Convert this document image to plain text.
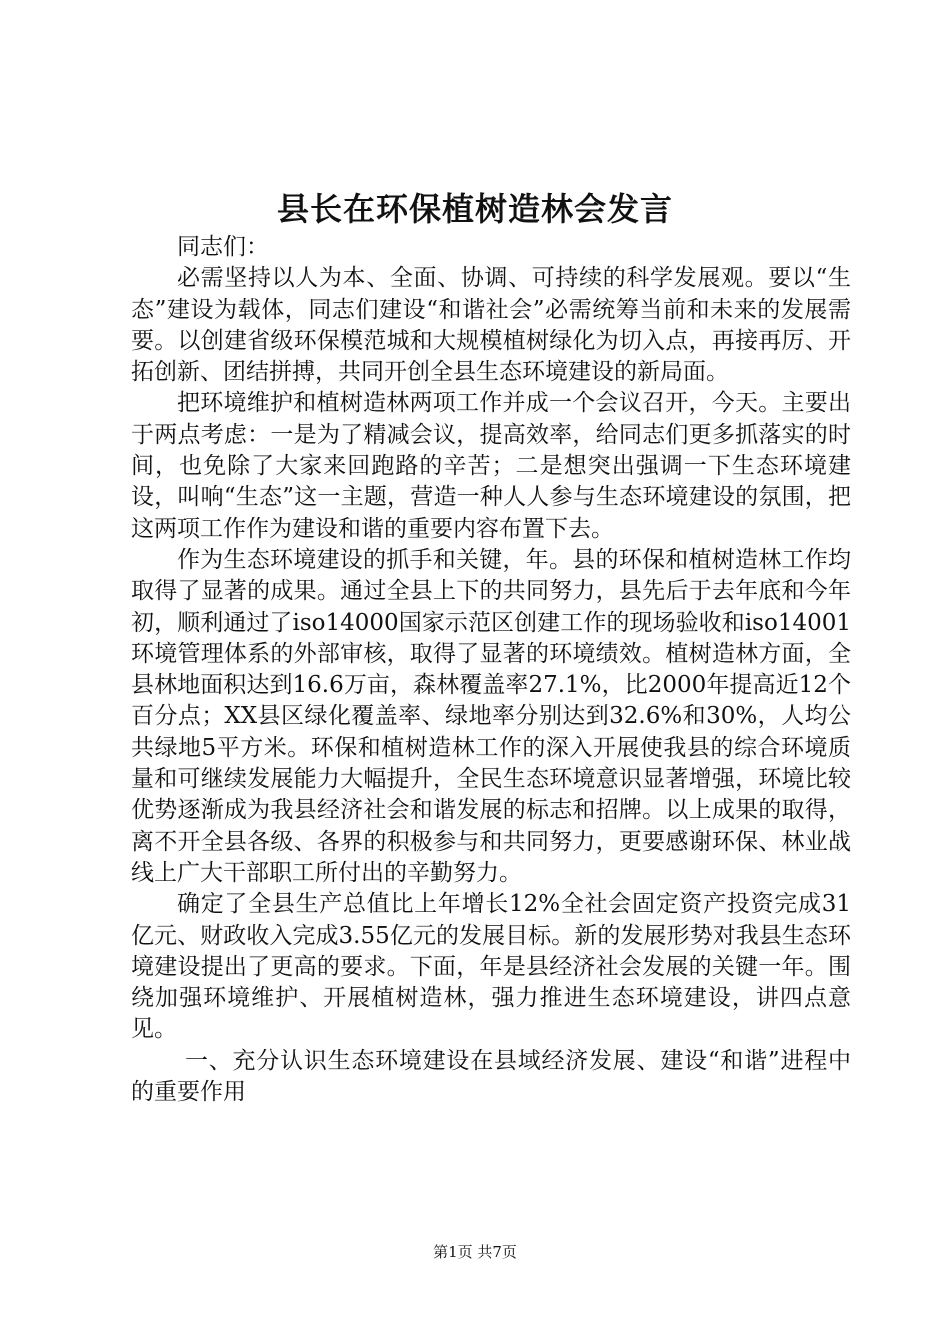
县长在环保植树造林会发言

同志们：

必需坚持以人为本、全面、协调、可持续的科学发展观。要以“生态”建设为载体，同志们建设“和谐社会”必需统筹当前和未来的发展需要。以创建省级环保模范城和大规模植树绿化为切入点，再接再厉、开拓创新、团结拼搏，共同开创全县生态环境建设的新局面。

把环境维护和植树造林两项工作并成一个会议召开，今天。主要出于两点考虑：一是为了精减会议，提高效率，给同志们更多抓落实的时间，也免除了大家来回跑路的辛苦；二是想突出强调一下生态环境建设，叫响“生态”这一主题，营造一种人人参与生态环境建设的氛围，把这两项工作作为建设和谐的重要内容布置下去。

作为生态环境建设的抓手和关键，年。县的环保和植树造林工作均取得了显著的成果。通过全县上下的共同努力，县先后于去年底和今年初，顺利通过了iso14000国家示范区创建工作的现场验收和iso14001环境管理体系的外部审核，取得了显著的环境绩效。植树造林方面，全县林地面积达到16.6万亩，森林覆盖率27.1%，比2000年提高近12个百分点；XX县区绿化覆盖率、绿地率分别达到32.6%和30%，人均公共绿地5平方米。环保和植树造林工作的深入开展使我县的综合环境质量和可继续发展能力大幅提升，全民生态环境意识显著增强，环境比较优势逐渐成为我县经济社会和谐发展的标志和招牌。以上成果的取得，离不开全县各级、各界的积极参与和共同努力，更要感谢环保、林业战线上广大干部职工所付出的辛勤努力。

确定了全县生产总值比上年增长12%全社会固定资产投资完成31亿元、财政收入完成3.55亿元的发展目标。新的发展形势对我县生态环境建设提出了更高的要求。下面，年是县经济社会发展的关键一年。围绕加强环境维护、开展植树造林，强力推进生态环境建设，讲四点意见。

一、充分认识生态环境建设在县域经济发展、建设“和谐”进程中的重要作用

第1页 共7页
